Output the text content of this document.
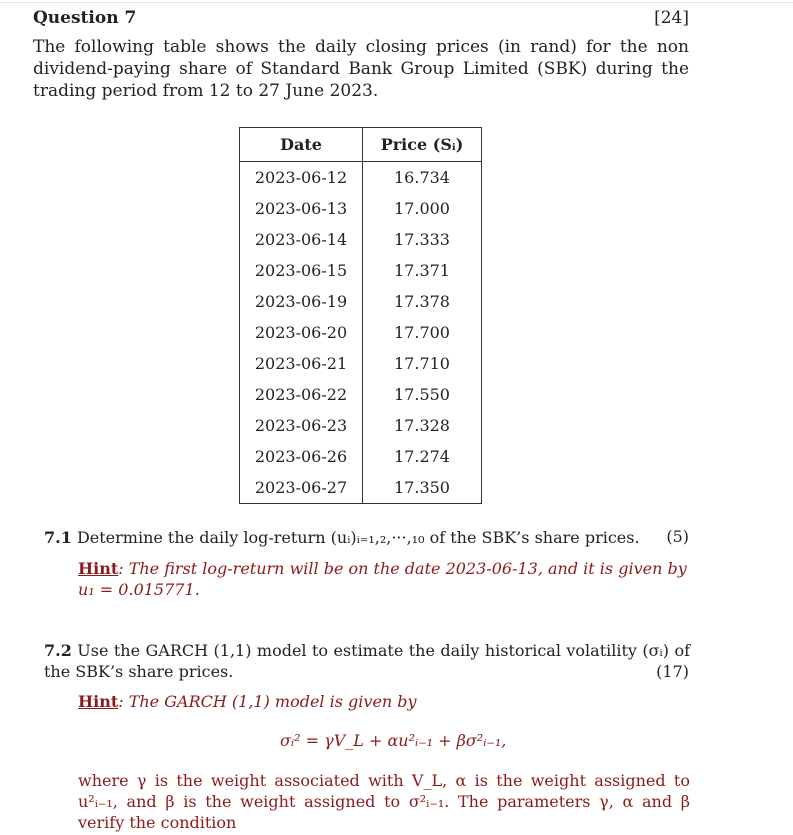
Question 7	[24]
The following table shows the daily closing prices (in rand) for the non dividend-paying share of Standard Bank Group Limited (SBK) during the trading period from 12 to 27 June 2023.
Date	Price (Sᵢ)
2023-06-12	16.734
2023-06-13	17.000
2023-06-14	17.333
2023-06-15	17.371
2023-06-19	17.378
2023-06-20	17.700
2023-06-21	17.710
2023-06-22	17.550
2023-06-23	17.328
2023-06-26	17.274
2023-06-27	17.350
7.1 Determine the daily log-return (uᵢ)ᵢ₌₁,₂,···,₁₀ of the SBK’s share prices. (5)
Hint: The first log-return will be on the date 2023-06-13, and it is given by
u₁ = 0.015771.
7.2 Use the GARCH (1,1) model to estimate the daily historical volatility (σᵢ) of the SBK’s share prices.	(17)
Hint: The GARCH (1,1) model is given by
σᵢ² = γV_L + αu²ᵢ₋₁ + βσ²ᵢ₋₁,
where γ is the weight associated with V_L, α is the weight assigned to u²ᵢ₋₁, and β is the weight assigned to σ²ᵢ₋₁. The parameters γ, α and β verify the condition
